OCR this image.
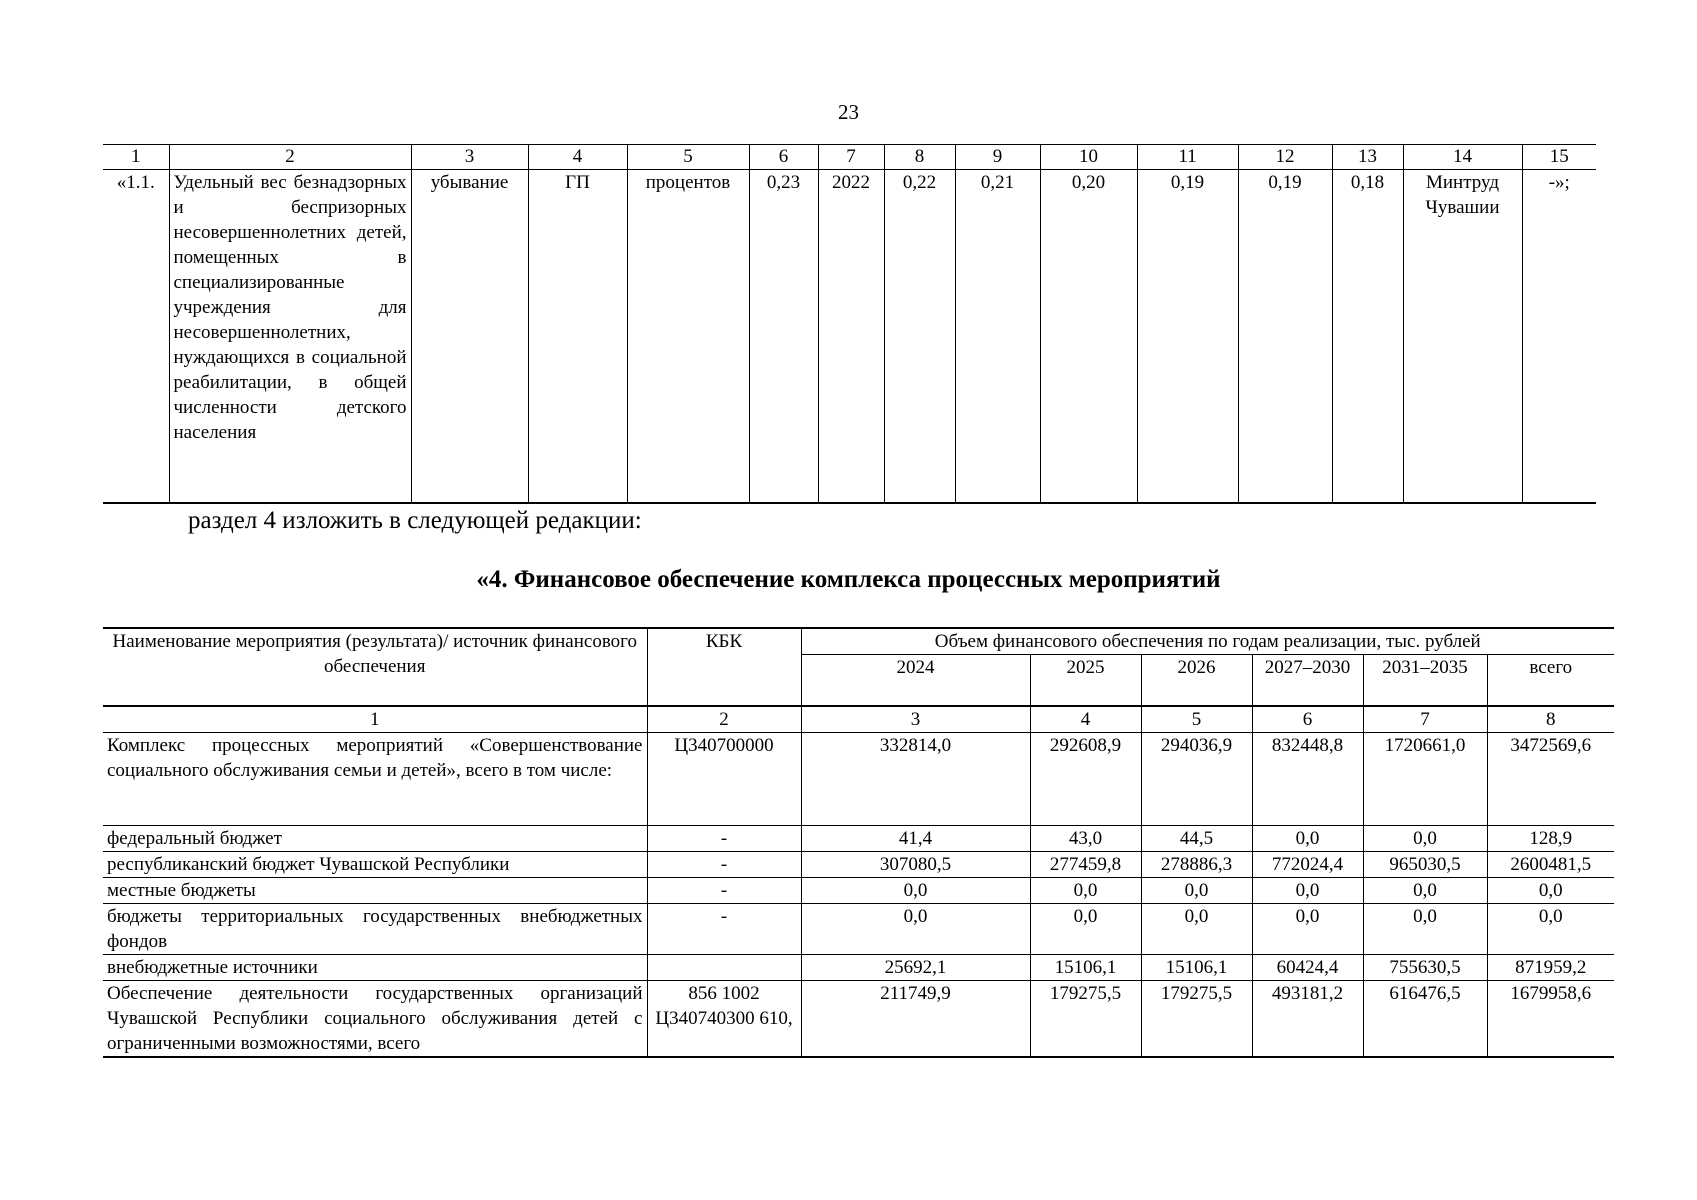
23
1	2	3	4	5	6	7	8	9	10	11	12	13	14	15
«1.1.	Удельный вес безнадзорных и беспризорных несовершеннолетних детей, помещенных в специализированные учреждения для несовершеннолетних, нуждающихся в социальной реабилитации, в общей численности детского населения	убывание	ГП	процентов	0,23	2022	0,22	0,21	0,20	0,19	0,19	0,18	Минтруд Чувашии	-»;
раздел 4 изложить в следующей редакции:
«4. Финансовое обеспечение комплекса процессных мероприятий
Наименование мероприятия (результата)/ источник финансового обеспечения	КБК	Объем финансового обеспечения по годам реализации, тыс. рублей					
		2024	2025	2026	2027–2030	2031–2035	всего
1	2	3	4	5	6	7	8
Комплекс процессных мероприятий «Совершенствование социального обслуживания семьи и детей», всего в том числе:	Ц340700000	332814,0	292608,9	294036,9	832448,8	1720661,0	3472569,6
федеральный бюджет	-	41,4	43,0	44,5	0,0	0,0	128,9
республиканский бюджет Чувашской Республики	-	307080,5	277459,8	278886,3	772024,4	965030,5	2600481,5
местные бюджеты	-	0,0	0,0	0,0	0,0	0,0	0,0
бюджеты территориальных государственных внебюджетных фондов	-	0,0	0,0	0,0	0,0	0,0	0,0
внебюджетные источники		25692,1	15106,1	15106,1	60424,4	755630,5	871959,2
Обеспечение деятельности государственных организаций Чувашской Республики социального обслуживания детей с ограниченными возможностями, всего	856 1002 Ц340740300 610,	211749,9	179275,5	179275,5	493181,2	616476,5	1679958,6
